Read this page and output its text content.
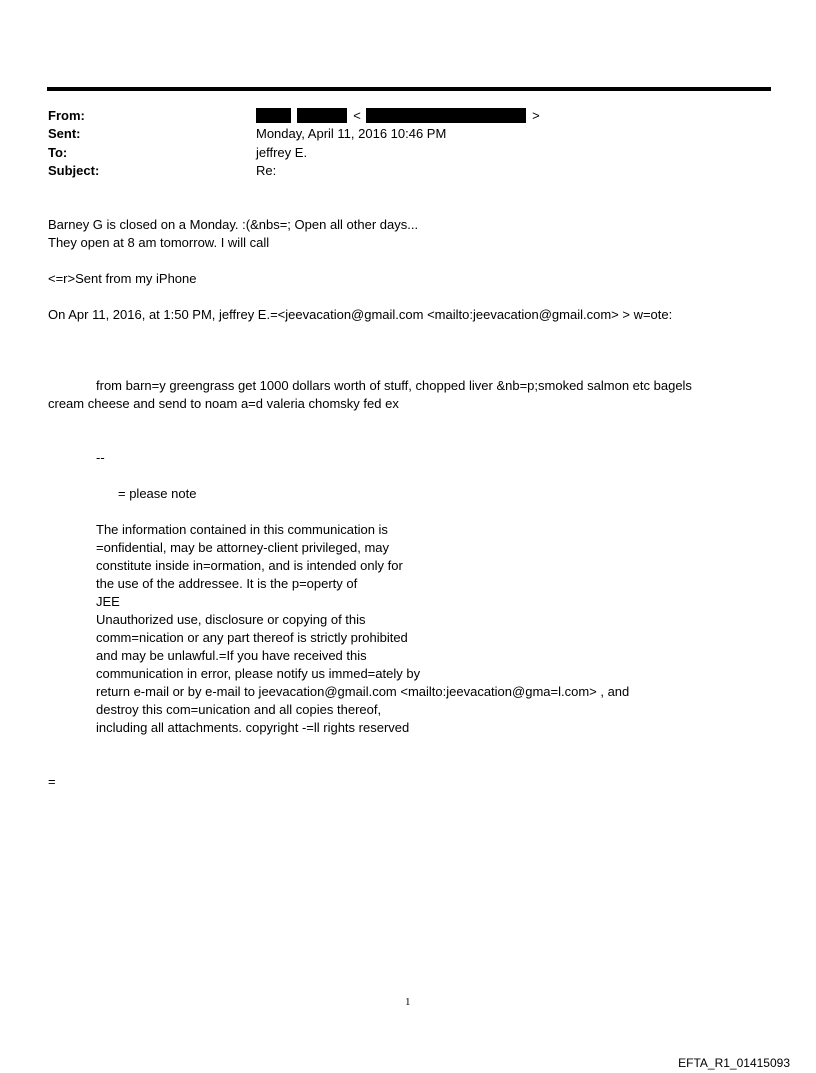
From:	<	>
Sent:	Monday, April 11, 2016 10:46 PM
To:	jeffrey E.
Subject:	Re:
Barney G is closed on a Monday. :(&nbs=; Open all other days...
They open at 8 am tomorrow. I will call
<=r>Sent from my iPhone
On Apr 11, 2016, at 1:50 PM, jeffrey E.=<jeevacation@gmail.com <mailto:jeevacation@gmail.com> > w=ote:
from barn=y greengrass get 1000 dollars worth of stuff, chopped liver &nb=p;smoked salmon etc bagels
cream cheese and send to noam a=d valeria chomsky fed ex
--
= please note
The information contained in this communication is
=onfidential, may be attorney-client privileged, may
constitute inside in=ormation, and is intended only for
the use of the addressee. It is the p=operty of
JEE
Unauthorized use, disclosure or copying of this
comm=nication or any part thereof is strictly prohibited
and may be unlawful.=If you have received this
communication in error, please notify us immed=ately by
return e-mail or by e-mail to jeevacation@gmail.com <mailto:jeevacation@gma=l.com> , and
destroy this com=unication and all copies thereof,
including all attachments. copyright -=ll rights reserved
=
1
EFTA_R1_01415093
